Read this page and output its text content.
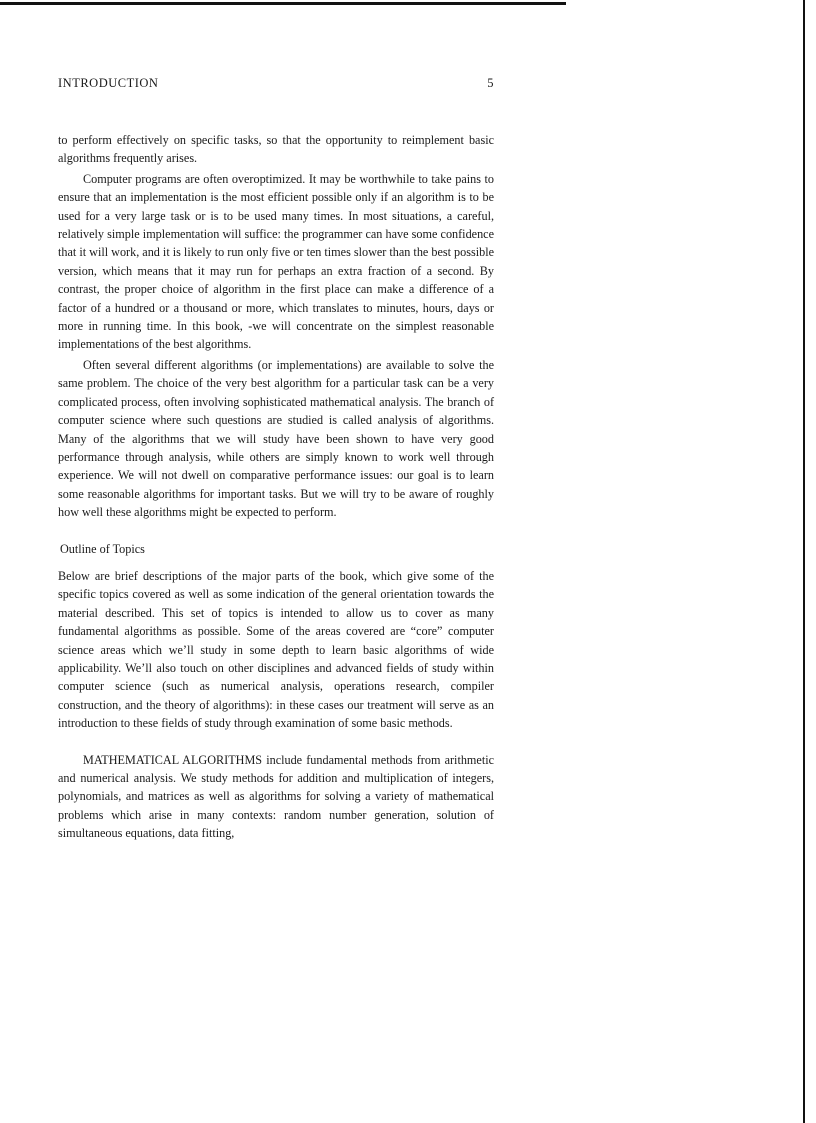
INTRODUCTION	5

to perform effectively on specific tasks, so that the opportunity to reimplement basic algorithms frequently arises.

Computer programs are often overoptimized. It may be worthwhile to take pains to ensure that an implementation is the most efficient possible only if an algorithm is to be used for a very large task or is to be used many times. In most situations, a careful, relatively simple implementation will suffice: the programmer can have some confidence that it will work, and it is likely to run only five or ten times slower than the best possible version, which means that it may run for perhaps an extra fraction of a second. By contrast, the proper choice of algorithm in the first place can make a difference of a factor of a hundred or a thousand or more, which translates to minutes, hours, days or more in running time. In this book, -we will concentrate on the simplest reasonable implementations of the best algorithms.

Often several different algorithms (or implementations) are available to solve the same problem. The choice of the very best algorithm for a particular task can be a very complicated process, often involving sophisticated mathematical analysis. The branch of computer science where such questions are studied is called analysis of algorithms. Many of the algorithms that we will study have been shown to have very good performance through analysis, while others are simply known to work well through experience. We will not dwell on comparative performance issues: our goal is to learn some reasonable algorithms for important tasks. But we will try to be aware of roughly how well these algorithms might be expected to perform.

Outline of Topics

Below are brief descriptions of the major parts of the book, which give some of the specific topics covered as well as some indication of the general orientation towards the material described. This set of topics is intended to allow us to cover as many fundamental algorithms as possible. Some of the areas covered are “core” computer science areas which we’ll study in some depth to learn basic algorithms of wide applicability. We’ll also touch on other disciplines and advanced fields of study within computer science (such as numerical analysis, operations research, compiler construction, and the theory of algorithms): in these cases our treatment will serve as an introduction to these fields of study through examination of some basic methods.

MATHEMATICAL ALGORITHMS include fundamental methods from arithmetic and numerical analysis. We study methods for addition and multiplication of integers, polynomials, and matrices as well as algorithms for solving a variety of mathematical problems which arise in many contexts: random number generation, solution of simultaneous equations, data fitting,
